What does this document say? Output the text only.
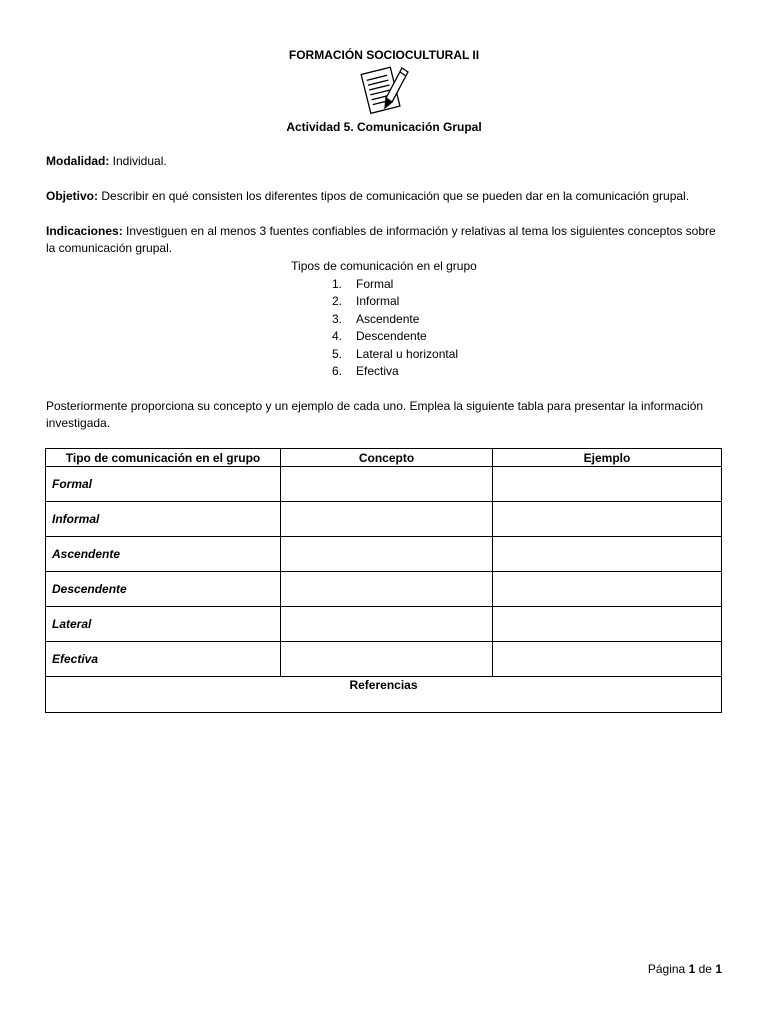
FORMACIÓN SOCIOCULTURAL II
Actividad 5. Comunicación Grupal
Modalidad: Individual.
Objetivo: Describir en qué consisten los diferentes tipos de comunicación que se pueden dar en la comunicación grupal.
Indicaciones: Investiguen en al menos 3 fuentes confiables de información y relativas al tema los siguientes conceptos sobre la comunicación grupal.
Tipos de comunicación en el grupo
1.	Formal
2.	Informal
3.	Ascendente
4.	Descendente
5.	Lateral u horizontal
6.	Efectiva
Posteriormente proporciona su concepto y un ejemplo de cada uno. Emplea la siguiente tabla para presentar la información investigada.
Tipo de comunicación en el grupo	Concepto	Ejemplo
Formal		
Informal		
Ascendente		
Descendente		
Lateral		
Efectiva		
Referencias		
Página 1 de 1
